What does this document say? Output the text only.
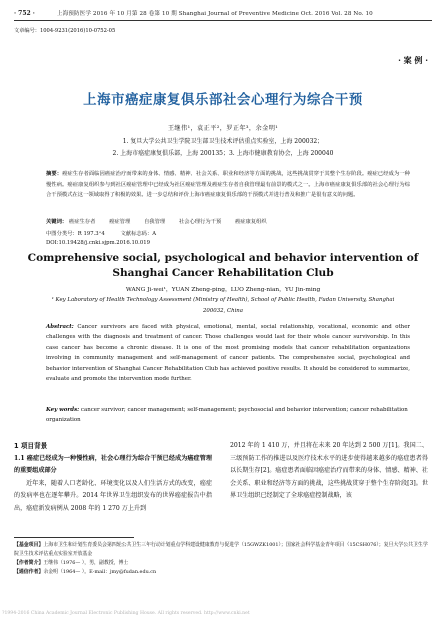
· 752 ·	上海预防医学 2016 年 10 月第 28 卷第 10 期 Shanghai Journal of Preventive Medicine Oct. 2016 Vol. 28 No. 10
文章编号：1004-9231(2016)10-0752-05
· 案 例 ·
上海市癌症康复俱乐部社会心理行为综合干预
王继伟¹，袁正平²，罗正年³，余金明¹
1. 复旦大学公共卫生学院卫生部卫生技术评估重点实验室，上海 200032；
2. 上海市癌症康复俱乐部，上海 200135；3. 上海市健康教育协会，上海 200040
摘要：癌症生存者面临因癌症治疗而带来的身体、情感、精神、社会关系、职业和经济等方面的挑战，这些挑战贯穿于其整个生存阶段。癌症已经成为一种慢性病。癌症康复组织参与到社区癌症管理中已经成为社区癌症管理及癌症生存者自我管理最有前景的模式之一。上海市癌症康复俱乐部的社会心理行为综合干预模式在这一领域取得了积极的效果。进一步总结和评价上海市癌症康复俱乐部的干预模式并进行普及和推广是很有意义的问题。
关键词： 癌症生存者	癌症管理	自我管理	社会心理行为干预	癌症康复组织
中图分类号：R 197.3⁺4	文献标志码：A
DOI:10.19428/j.cnki.sjpm.2016.10.019
Comprehensive social, psychological and behavior intervention of Shanghai Cancer Rehabilitation Club
WANG Ji-wei¹，YUAN Zheng-ping，LUO Zheng-nian，YU Jin-ming
¹ Key Laboratory of Health Technology Assessment (Ministry of Health), School of Public Health, Fudan University, Shanghai 200032, China
Abstract: Cancer survivors are faced with physical, emotional, mental, social relationship, vocational, economic and other challenges with the diagnosis and treatment of cancer. Those challenges would last for their whole cancer survivorship. In this case cancer has become a chronic disease. It is one of the most promising models that cancer rehabilitation organizations involving in community management and self-management of cancer patients. The comprehensive social, psychological and behavior intervention of Shanghai Cancer Rehabilitation Club has achieved positive results. It should be considered to summarize, evaluate and promote the intervention mode further.
Key words: cancer survivor; cancer management; self-management; psychosocial and behavior intervention; cancer rehabilitation organization
1 项目背景
1.1 癌症已经成为一种慢性病，社会心理行为综合干预已经成为癌症管理的重要组成部分

近年来，随着人口老龄化、环境变化以及人们生活方式的改变，癌症的发病率也在逐年攀升。2014 年世界卫生组织发布的世界癌症报告中指出，癌症新发病例从 2008 年的 1 270 万上升到

2012 年的 1 410 万，并且将在未来 20 年达到 2 500 万[1]。我国二、三级预防工作的推进以及医疗技术水平的进步使得越来越多的癌症患者得以长期生存[2]。癌症患者面临因癌症治疗而带来的身体、情感、精神、社会关系、职业和经济等方面的挑战，这些挑战贯穿于整个生存阶段[3]。世界卫生组织已经制定了全球癌症控制战略，该

【基金项目】上海市卫生和计划生育委员会第四轮公共卫生三年行动计划重点学科建设健康教育与促进学（15GWZK1001）；国家社会科学基金青年项目（15CSH076）；复旦大学公共卫生学院卫生技术评估重点实验室开放基金
【作者简介】王继伟（1976— ），男，副教授，博士
【通信作者】余金明（1964— ）。E-mail：jmy@fudan.edu.cn
?1994-2016 China Academic Journal Electronic Publishing House. All rights reserved. http://www.cnki.net
